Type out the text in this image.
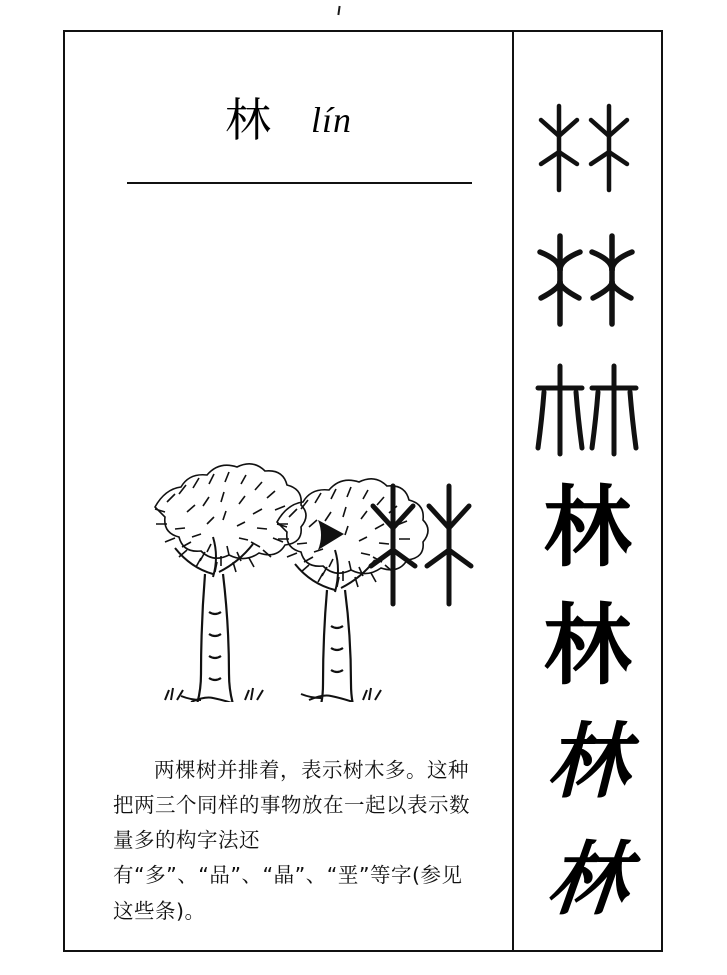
林 lín

两棵树并排着，表示树木多。这种把两三个同样的事物放在一起以表示数量多的构字法还有“多”、“品”、“晶”、“垩”等字(参见这些条)。

林
林
林
林
